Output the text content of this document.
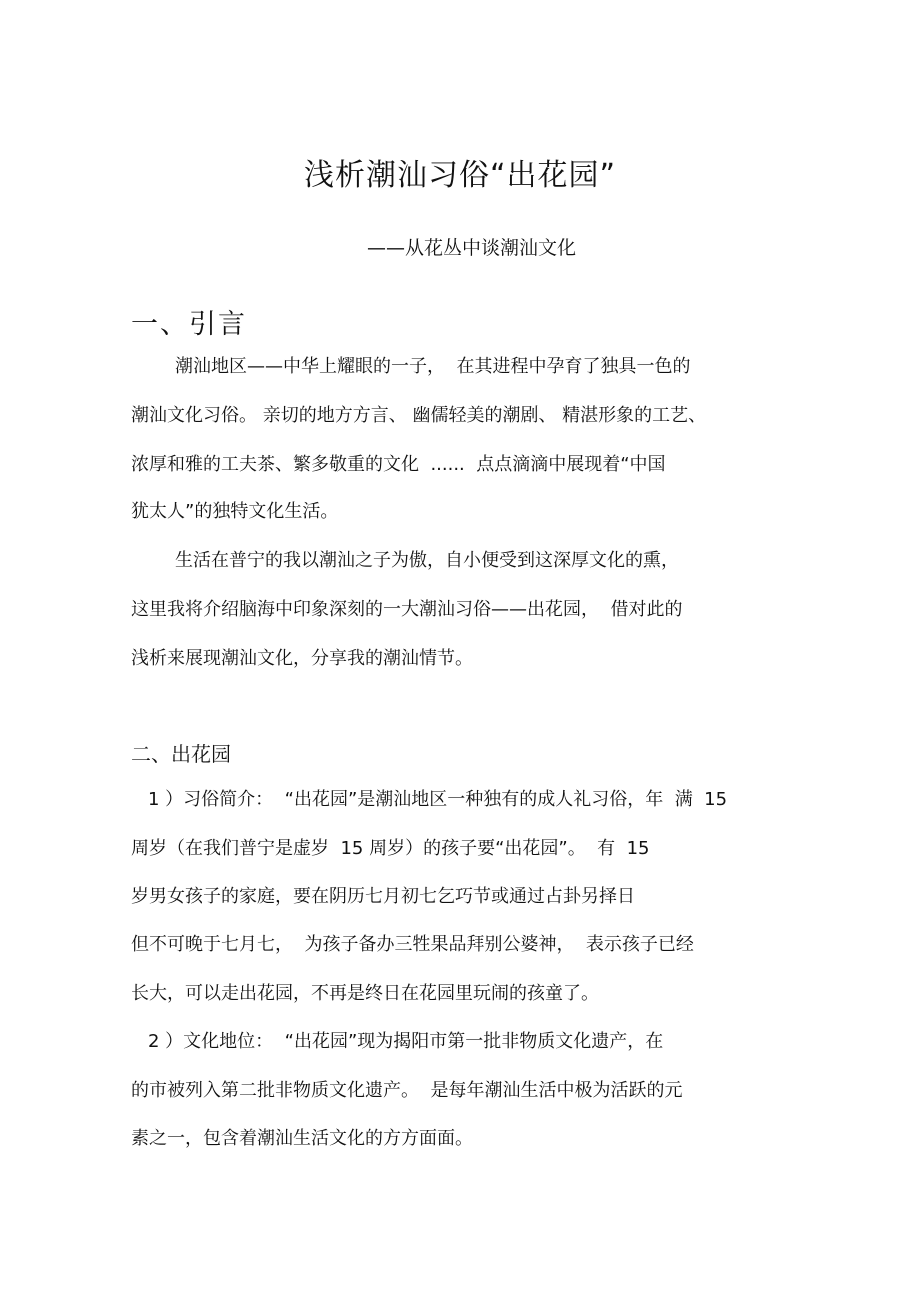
浅析潮汕习俗“出花园”
——从花丛中谈潮汕文化
一、引言
潮汕地区——中华上耀眼的一子，  在其进程中孕育了独具一色的
潮汕文化习俗。 亲切的地方方言、 幽儒轻美的潮剧、 精湛形象的工艺、
浓厚和雅的工夫茶、繁多敬重的文化  ......  点点滴滴中展现着“中国
犹太人”的独特文化生活。
生活在普宁的我以潮汕之子为傲，自小便受到这深厚文化的熏，
这里我将介绍脑海中印象深刻的一大潮汕习俗——出花园，  借对此的
浅析来展现潮汕文化，分享我的潮汕情节。
二、出花园
1 ）习俗简介：  “出花园”是潮汕地区一种独有的成人礼习俗，年  满  15
周岁（在我们普宁是虚岁  15 周岁）的孩子要“出花园”。  有  15
岁男女孩子的家庭，要在阴历七月初七乞巧节或通过占卦另择日
但不可晚于七月七，  为孩子备办三牲果品拜别公婆神，  表示孩子已经
长大，可以走出花园，不再是终日在花园里玩闹的孩童了。
2 ）文化地位：  “出花园”现为揭阳市第一批非物质文化遗产，在
的市被列入第二批非物质文化遗产。  是每年潮汕生活中极为活跃的元
素之一，包含着潮汕生活文化的方方面面。
